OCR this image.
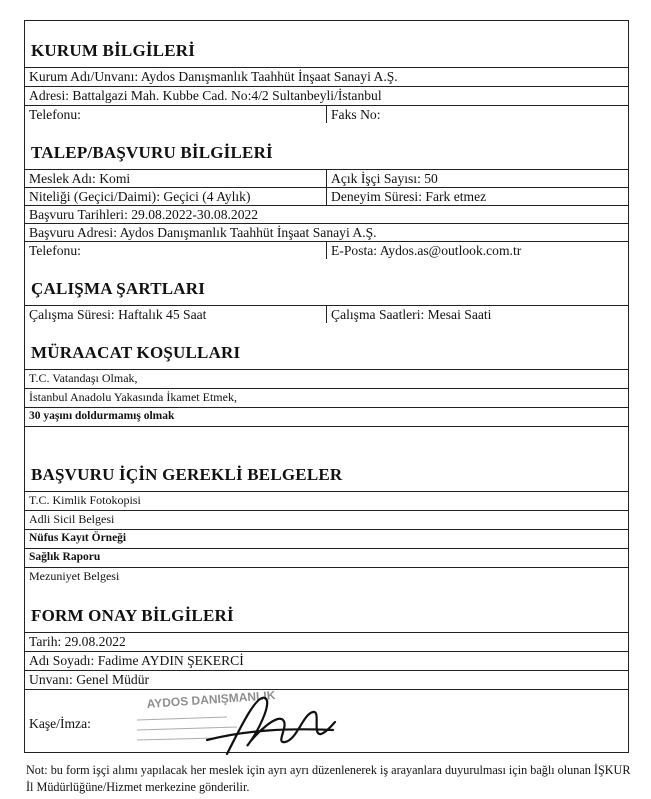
KURUM BİLGİLERİ
Kurum Adı/Unvanı: Aydos Danışmanlık Taahhüt İnşaat Sanayi A.Ş.
Adresi: Battalgazi Mah. Kubbe Cad. No:4/2 Sultanbeyli/İstanbul
Telefonu:	Faks No:
TALEP/BAŞVURU BİLGİLERİ
Meslek Adı: Komi	Açık İşçi Sayısı: 50
Niteliği (Geçici/Daimi): Geçici (4 Aylık)	Deneyim Süresi: Fark etmez
Başvuru Tarihleri: 29.08.2022-30.08.2022
Başvuru Adresi: Aydos Danışmanlık Taahhüt İnşaat Sanayi A.Ş.
Telefonu:	E-Posta: Aydos.as@outlook.com.tr
ÇALIŞMA ŞARTLARI
Çalışma Süresi: Haftalık 45 Saat	Çalışma Saatleri: Mesai Saati
MÜRAACAT KOŞULLARI
T.C. Vatandaşı Olmak,
İstanbul Anadolu Yakasında İkamet Etmek,
30 yaşını doldurmamış olmak
BAŞVURU İÇİN GEREKLİ BELGELER
T.C. Kimlik Fotokopisi
Adli Sicil Belgesi
Nüfus Kayıt Örneği
Sağlık Raporu
Mezuniyet Belgesi
FORM ONAY BİLGİLERİ
Tarih: 29.08.2022
Adı Soyadı: Fadime AYDIN ŞEKERCİ
Unvanı: Genel Müdür
Kaşe/İmza:
AYDOS DANIŞMANLIK
Not: bu form işçi alımı yapılacak her meslek için ayrı ayrı düzenlenerek iş arayanlara duyurulması için bağlı olunan İŞKUR İl Müdürlüğüne/Hizmet merkezine gönderilir.
